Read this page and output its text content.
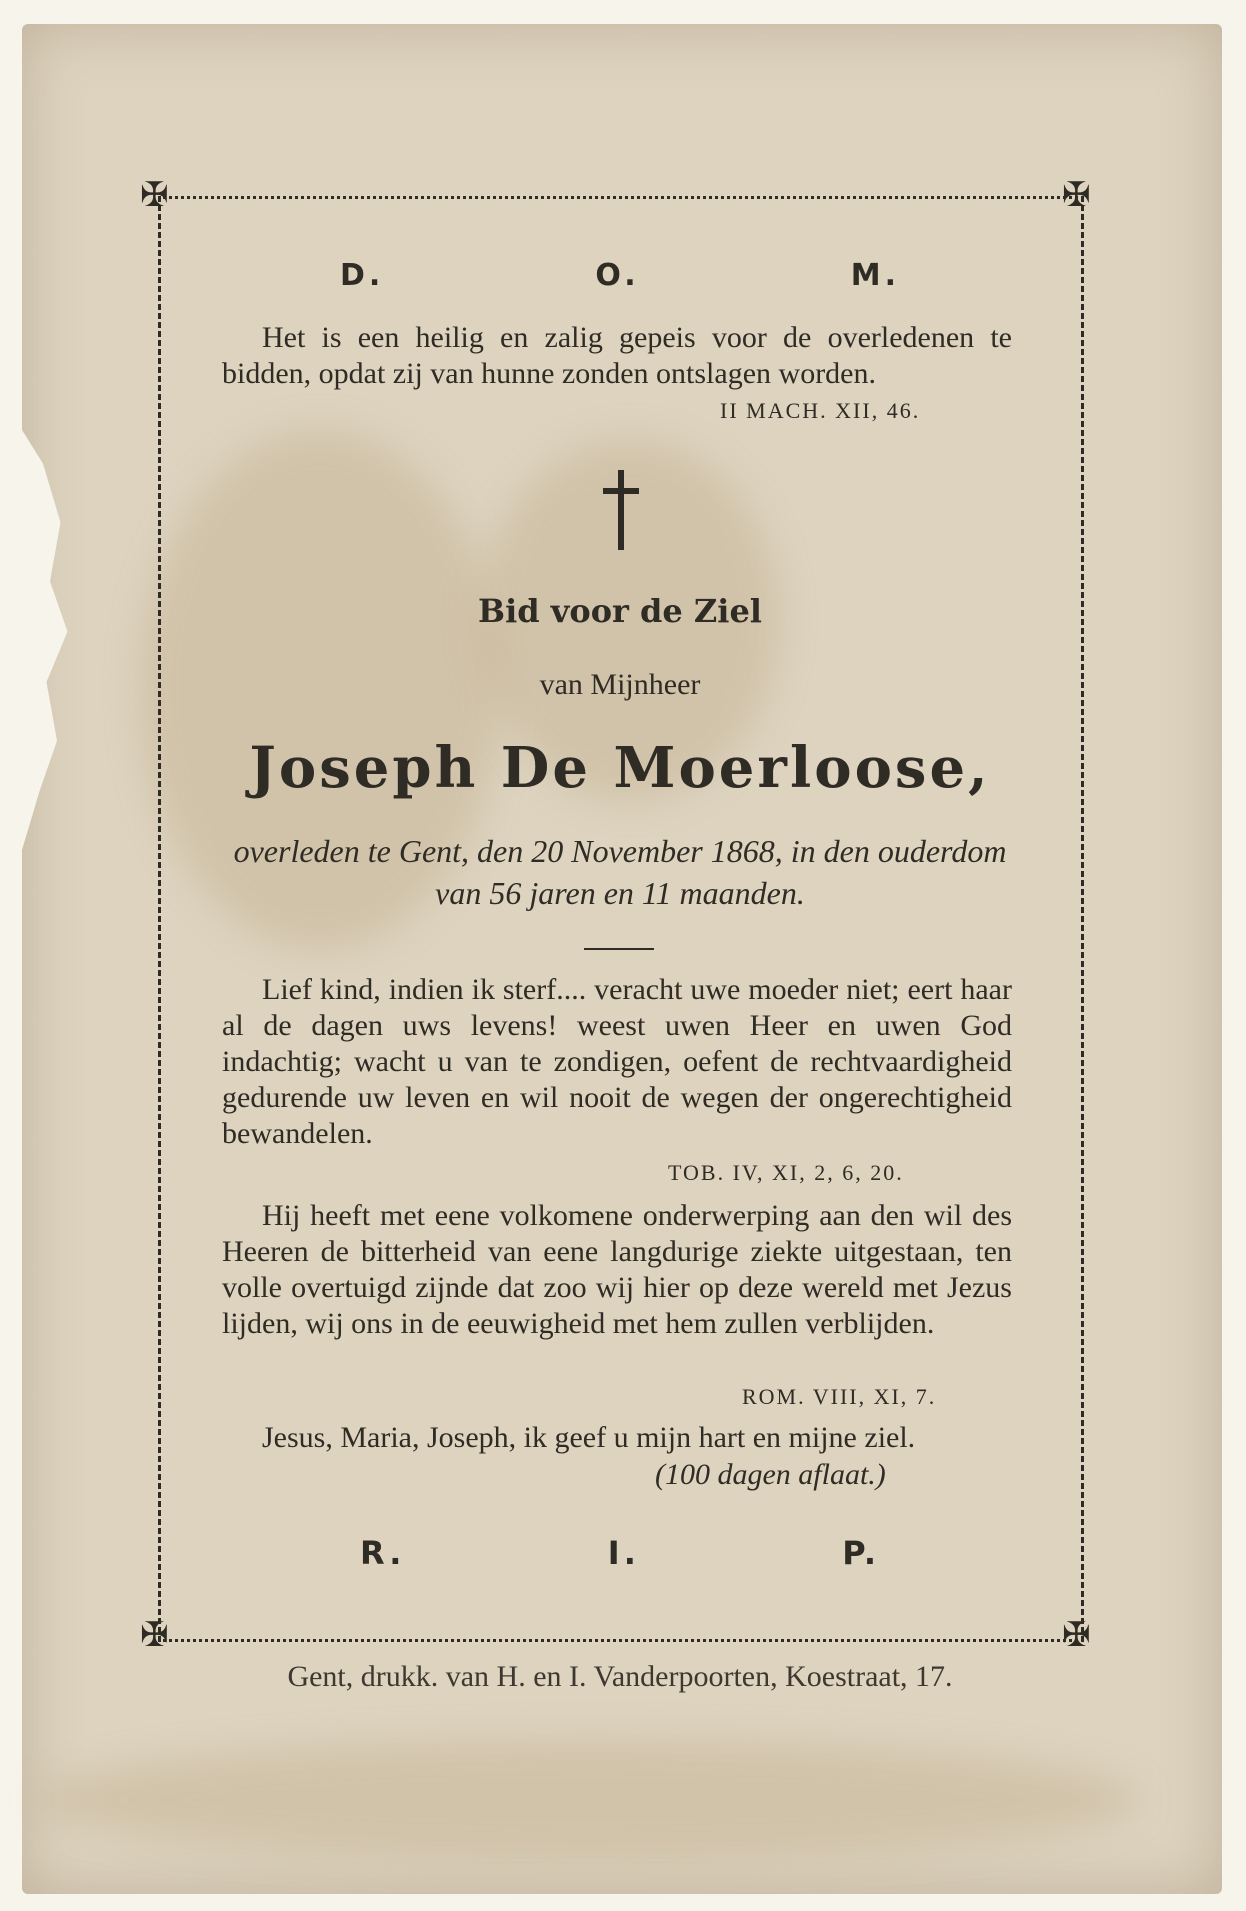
✠	✠
✠	✠
D.	O.	M.

Het is een heilig en zalig gepeis voor de overledenen te bidden, opdat zij van hunne zonden ontslagen worden.

II MACH. XII, 46.

Bid voor de Ziel

van Mijnheer

Joseph De Moerloose,

overleden te Gent, den 20 November 1868, in den ouderdom van 56 jaren en 11 maanden.

Lief kind, indien ik sterf.... veracht uwe moeder niet; eert haar al de dagen uws levens! weest uwen Heer en uwen God indachtig; wacht u van te zondigen, oefent de rechtvaardigheid gedurende uw leven en wil nooit de wegen der ongerechtigheid bewandelen.

TOB. IV, XI, 2, 6, 20.

Hij heeft met eene volkomene onderwerping aan den wil des Heeren de bitterheid van eene langdurige ziekte uitgestaan, ten volle overtuigd zijnde dat zoo wij hier op deze wereld met Jezus lijden, wij ons in de eeuwigheid met hem zullen verblijden.

ROM. VIII, XI, 7.

Jesus, Maria, Joseph, ik geef u mijn hart en mijne ziel.

(100 dagen aflaat.)
R.	I.	P.

Gent, drukk. van H. en I. Vanderpoorten, Koestraat, 17.
